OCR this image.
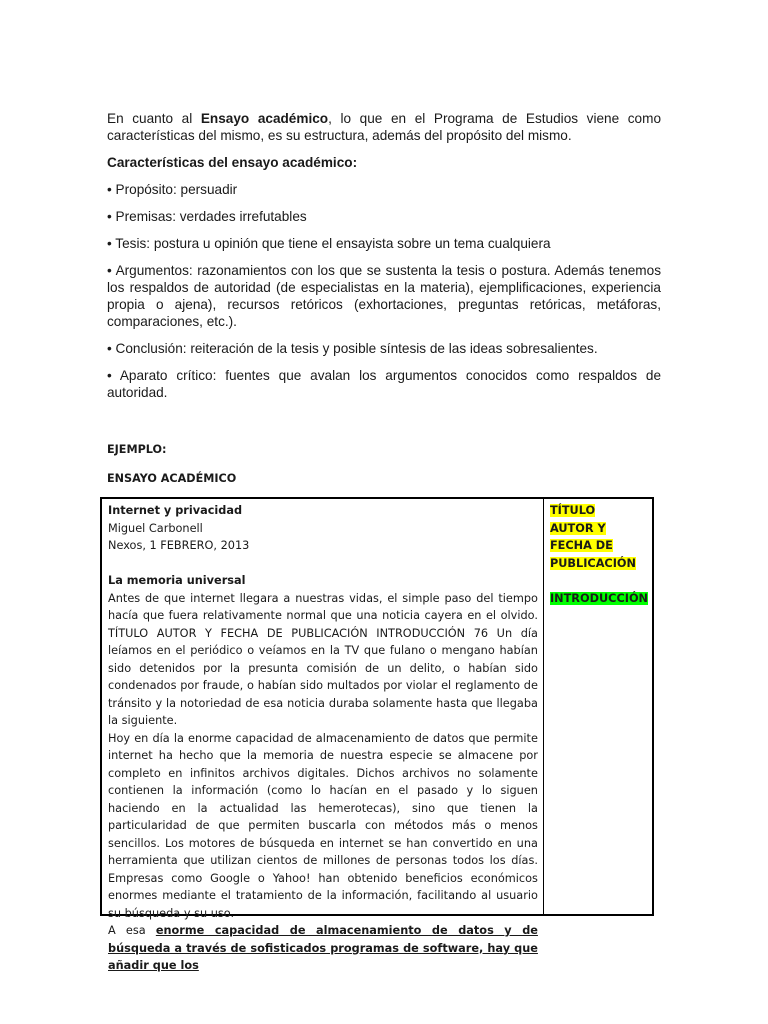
En cuanto al Ensayo académico, lo que en el Programa de Estudios viene como características del mismo, es su estructura, además del propósito del mismo.

Características del ensayo académico:

• Propósito: persuadir

• Premisas: verdades irrefutables

• Tesis: postura u opinión que tiene el ensayista sobre un tema cualquiera

• Argumentos: razonamientos con los que se sustenta la tesis o postura. Además tenemos los respaldos de autoridad (de especialistas en la materia), ejemplificaciones, experiencia propia o ajena), recursos retóricos (exhortaciones, preguntas retóricas, metáforas, comparaciones, etc.).

• Conclusión: reiteración de la tesis y posible síntesis de las ideas sobresalientes.

• Aparato crítico: fuentes que avalan los argumentos conocidos como respaldos de autoridad.

EJEMPLO:
ENSAYO ACADÉMICO
Internet y privacidad
Miguel Carbonell
Nexos, 1 FEBRERO, 2013
La memoria universal
Antes de que internet llegara a nuestras vidas, el simple paso del tiempo hacía que fuera relativamente normal que una noticia cayera en el olvido. TÍTULO AUTOR Y FECHA DE PUBLICACIÓN INTRODUCCIÓN 76 Un día leíamos en el periódico o veíamos en la TV que fulano o mengano habían sido detenidos por la presunta comisión de un delito, o habían sido condenados por fraude, o habían sido multados por violar el reglamento de tránsito y la notoriedad de esa noticia duraba solamente hasta que llegaba la siguiente.
Hoy en día la enorme capacidad de almacenamiento de datos que permite internet ha hecho que la memoria de nuestra especie se almacene por completo en infinitos archivos digitales. Dichos archivos no solamente contienen la información (como lo hacían en el pasado y lo siguen haciendo en la actualidad las hemerotecas), sino que tienen la particularidad de que permiten buscarla con métodos más o menos sencillos. Los motores de búsqueda en internet se han convertido en una herramienta que utilizan cientos de millones de personas todos los días. Empresas como Google o Yahoo! han obtenido beneficios económicos enormes mediante el tratamiento de la información, facilitando al usuario su búsqueda y su uso.
A esa enorme capacidad de almacenamiento de datos y de búsqueda a través de sofisticados programas de software, hay que añadir que los
TÍTULO
AUTOR Y FECHA DE PUBLICACIÓN
INTRODUCCIÓN
